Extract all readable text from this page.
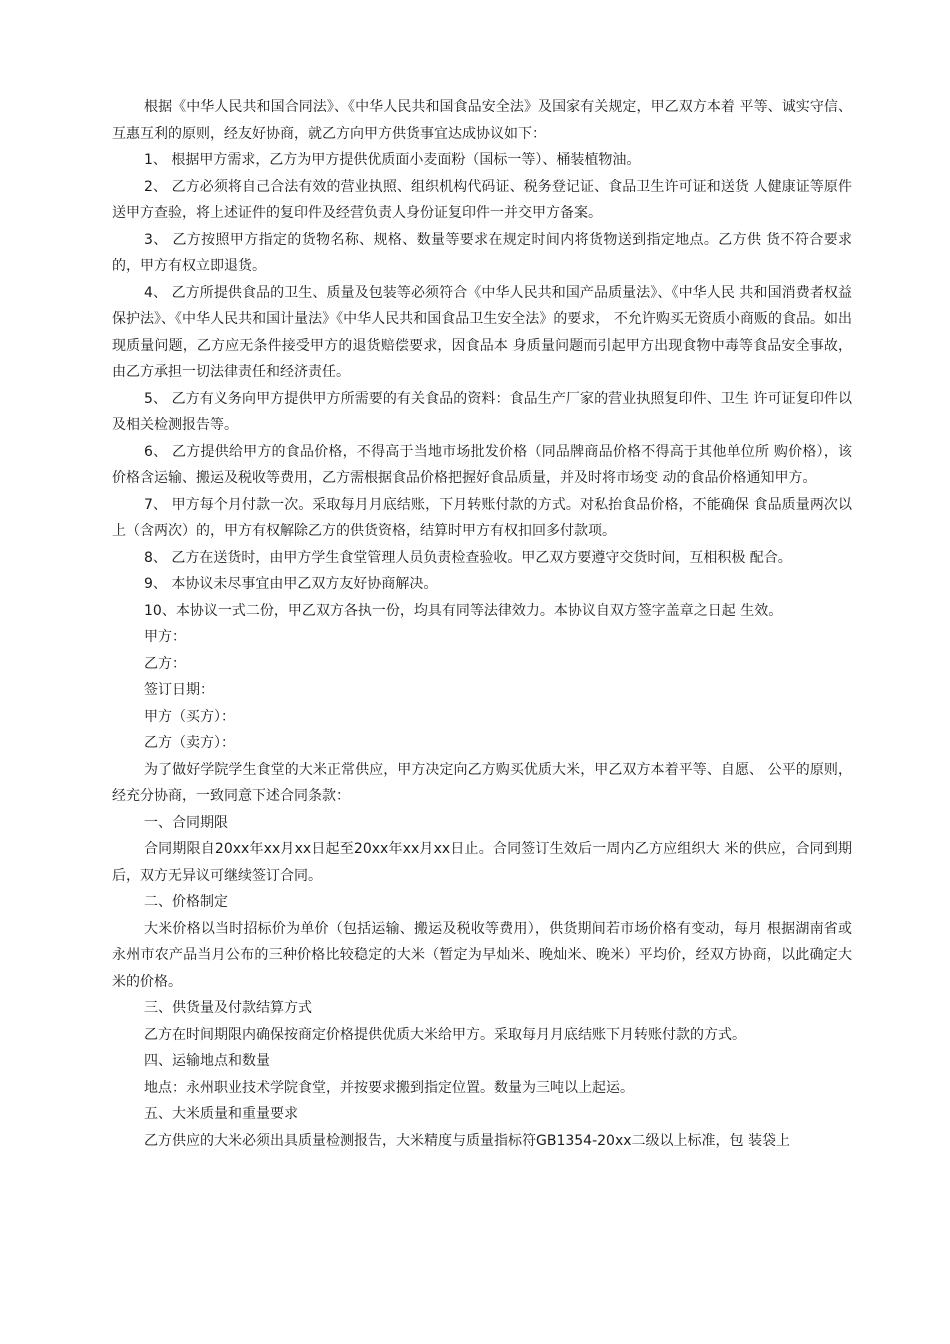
根据《中华人民共和国合同法》、《中华人民共和国食品安全法》及国家有关规定，甲乙双方本着 平等、诚实守信、互惠互利的原则，经友好协商，就乙方向甲方供货事宜达成协议如下：

1、 根据甲方需求，乙方为甲方提供优质面小麦面粉（国标一等）、桶装植物油。

2、 乙方必须将自己合法有效的营业执照、组织机构代码证、税务登记证、食品卫生许可证和送货 人健康证等原件送甲方查验，将上述证件的复印件及经营负责人身份证复印件一并交甲方备案。

3、 乙方按照甲方指定的货物名称、规格、数量等要求在规定时间内将货物送到指定地点。乙方供 货不符合要求的，甲方有权立即退货。

4、 乙方所提供食品的卫生、质量及包装等必须符合《中华人民共和国产品质量法》、《中华人民 共和国消费者权益保护法》、《中华人民共和国计量法》《中华人民共和国食品卫生安全法》的要求， 不允许购买无资质小商贩的食品。如出现质量问题，乙方应无条件接受甲方的退货赔偿要求，因食品本 身质量问题而引起甲方出现食物中毒等食品安全事故，由乙方承担一切法律责任和经济责任。

5、 乙方有义务向甲方提供甲方所需要的有关食品的资料：食品生产厂家的营业执照复印件、卫生 许可证复印件以及相关检测报告等。

6、 乙方提供给甲方的食品价格，不得高于当地市场批发价格（同品牌商品价格不得高于其他单位所 购价格），该价格含运输、搬运及税收等费用，乙方需根据食品价格把握好食品质量，并及时将市场变 动的食品价格通知甲方。

7、 甲方每个月付款一次。采取每月月底结账，下月转账付款的方式。对私抬食品价格，不能确保 食品质量两次以上（含两次）的，甲方有权解除乙方的供货资格，结算时甲方有权扣回多付款项。

8、 乙方在送货时，由甲方学生食堂管理人员负责检查验收。甲乙双方要遵守交货时间，互相积极 配合。

9、 本协议未尽事宜由甲乙双方友好协商解决。

10、本协议一式二份，甲乙双方各执一份，均具有同等法律效力。本协议自双方签字盖章之日起 生效。

甲方：

乙方：

签订日期：

甲方（买方）：

乙方（卖方）：

为了做好学院学生食堂的大米正常供应，甲方决定向乙方购买优质大米，甲乙双方本着平等、自愿、 公平的原则，经充分协商，一致同意下述合同条款：

一、合同期限

合同期限自20xx年xx月xx日起至20xx年xx月xx日止。合同签订生效后一周内乙方应组织大 米的供应，合同到期后，双方无异议可继续签订合同。

二、价格制定

大米价格以当时招标价为单价（包括运输、搬运及税收等费用），供货期间若市场价格有变动，每月 根据湖南省或永州市农产品当月公布的三种价格比较稳定的大米（暂定为早灿米、晚灿米、晚米）平均价，经双方协商，以此确定大米的价格。

三、供货量及付款结算方式

乙方在时间期限内确保按商定价格提供优质大米给甲方。采取每月月底结账下月转账付款的方式。

四、运输地点和数量

地点：永州职业技术学院食堂，并按要求搬到指定位置。数量为三吨以上起运。

五、大米质量和重量要求

乙方供应的大米必须出具质量检测报告，大米精度与质量指标符GB1354-20xx二级以上标准，包 装袋上
